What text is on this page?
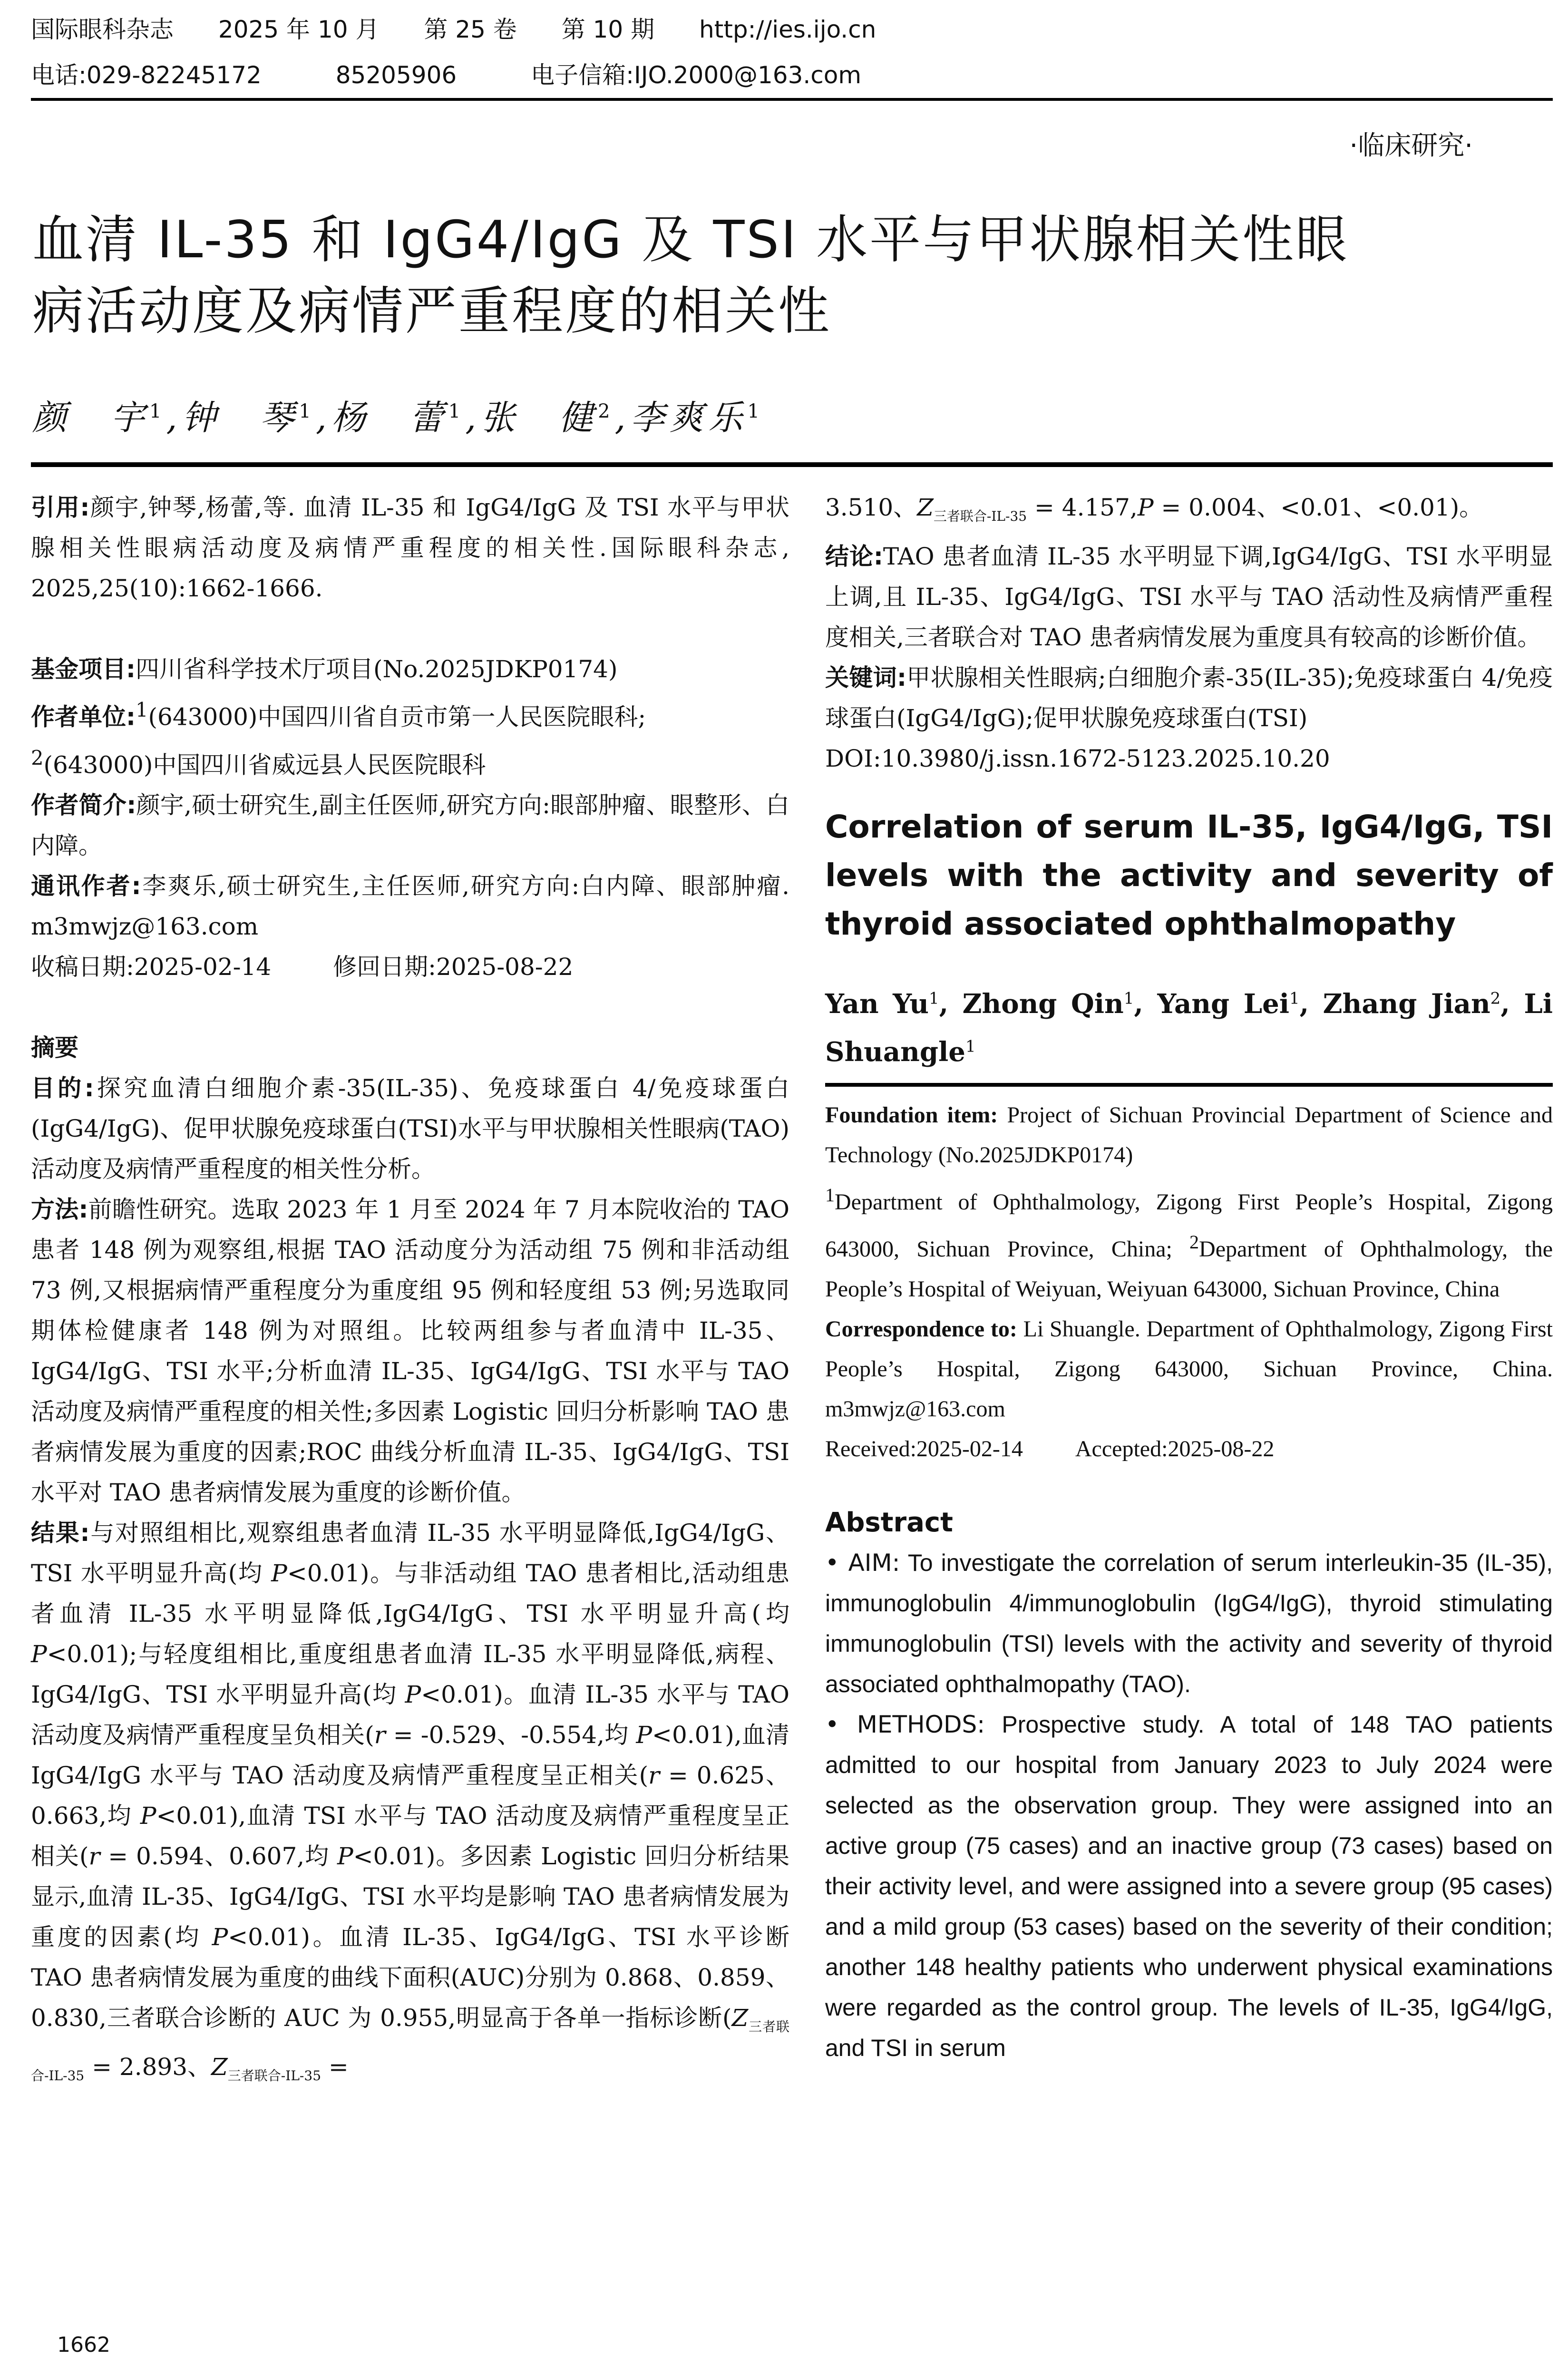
国际眼科杂志 2025 年 10 月 第 25 卷 第 10 期 http://ies.ijo.cn
电话:029-82245172	85205906	电子信箱:IJO.2000@163.com
·临床研究·
血清 IL-35 和 IgG4/IgG 及 TSI 水平与甲状腺相关性眼
病活动度及病情严重程度的相关性
颜　宇$^1$,钟　琴$^1$,杨　蕾$^1$,张　健$^2$,李爽乐$^1$

引用:颜宇,钟琴,杨蕾,等. 血清 IL-35 和 IgG4/IgG 及 TSI 水平与甲状腺相关性眼病活动度及病情严重程度的相关性.国际眼科杂志, 2025,25(10):1662-1666.

基金项目:四川省科学技术厅项目(No.2025JDKP0174)

作者单位:$^1$(643000)中国四川省自贡市第一人民医院眼科;
$^2$(643000)中国四川省威远县人民医院眼科

作者简介:颜宇,硕士研究生,副主任医师,研究方向:眼部肿瘤、眼整形、白内障。

通讯作者:李爽乐,硕士研究生,主任医师,研究方向:白内障、眼部肿瘤. m3mwjz@163.com

收稿日期:2025-02-14	修回日期:2025-08-22

摘要

目的:探究血清白细胞介素-35(IL-35)、免疫球蛋白 4/免疫球蛋白(IgG4/IgG)、促甲状腺免疫球蛋白(TSI)水平与甲状腺相关性眼病(TAO)活动度及病情严重程度的相关性分析。

方法:前瞻性研究。选取 2023 年 1 月至 2024 年 7 月本院收治的 TAO 患者 148 例为观察组,根据 TAO 活动度分为活动组 75 例和非活动组 73 例,又根据病情严重程度分为重度组 95 例和轻度组 53 例;另选取同期体检健康者 148 例为对照组。比较两组参与者血清中 IL-35、IgG4/IgG、TSI 水平;分析血清 IL-35、IgG4/IgG、TSI 水平与 TAO 活动度及病情严重程度的相关性;多因素 Logistic 回归分析影响 TAO 患者病情发展为重度的因素;ROC 曲线分析血清 IL-35、IgG4/IgG、TSI 水平对 TAO 患者病情发展为重度的诊断价值。

结果:与对照组相比,观察组患者血清 IL-35 水平明显降低,IgG4/IgG、TSI 水平明显升高(均 P<0.01)。与非活动组 TAO 患者相比,活动组患者血清 IL-35 水平明显降低,IgG4/IgG、TSI 水平明显升高(均 P<0.01);与轻度组相比,重度组患者血清 IL-35 水平明显降低,病程、IgG4/IgG、TSI 水平明显升高(均 P<0.01)。血清 IL-35 水平与 TAO 活动度及病情严重程度呈负相关(r = -0.529、-0.554,均 P<0.01),血清 IgG4/IgG 水平与 TAO 活动度及病情严重程度呈正相关(r = 0.625、0.663,均 P<0.01),血清 TSI 水平与 TAO 活动度及病情严重程度呈正相关(r = 0.594、0.607,均 P<0.01)。多因素 Logistic 回归分析结果显示,血清 IL-35、IgG4/IgG、TSI 水平均是影响 TAO 患者病情发展为重度的因素(均 P<0.01)。血清 IL-35、IgG4/IgG、TSI 水平诊断 TAO 患者病情发展为重度的曲线下面积(AUC)分别为 0.868、0.859、0.830,三者联合诊断的 AUC 为 0.955,明显高于各单一指标诊断($Z_{三者联合-IL-35} = 2.893$、$Z_{三者联合-IL-35}$ =

3.510、$Z_{三者联合-IL-35} = 4.157,P = 0.004$、<0.01、<0.01)。

结论:TAO 患者血清 IL-35 水平明显下调,IgG4/IgG、TSI 水平明显上调,且 IL-35、IgG4/IgG、TSI 水平与 TAO 活动性及病情严重程度相关,三者联合对 TAO 患者病情发展为重度具有较高的诊断价值。

关键词:甲状腺相关性眼病;白细胞介素-35(IL-35);免疫球蛋白 4/免疫球蛋白(IgG4/IgG);促甲状腺免疫球蛋白(TSI)

DOI:10.3980/j.issn.1672-5123.2025.10.20

Correlation of serum IL-35, IgG4/IgG, TSI levels with the activity and severity of thyroid associated ophthalmopathy

Yan Yu$^1$, Zhong Qin$^1$, Yang Lei$^1$, Zhang Jian$^2$, Li Shuangle$^1$

Foundation item: Project of Sichuan Provincial Department of Science and Technology (No.2025JDKP0174)
$^1$Department of Ophthalmology, Zigong First People’s Hospital, Zigong 643000, Sichuan Province, China; $^2$Department of Ophthalmology, the People’s Hospital of Weiyuan, Weiyuan 643000, Sichuan Province, China
Correspondence to: Li Shuangle. Department of Ophthalmology, Zigong First People’s Hospital, Zigong 643000, Sichuan Province, China. m3mwjz@163.com
Received:2025-02-14 Accepted:2025-08-22

Abstract

• AIM: To investigate the correlation of serum interleukin-35 (IL-35), immunoglobulin 4/immunoglobulin (IgG4/IgG), thyroid stimulating immunoglobulin (TSI) levels with the activity and severity of thyroid associated ophthalmopathy (TAO).
• METHODS: Prospective study. A total of 148 TAO patients admitted to our hospital from January 2023 to July 2024 were selected as the observation group. They were assigned into an active group (75 cases) and an inactive group (73 cases) based on their activity level, and were assigned into a severe group (95 cases) and a mild group (53 cases) based on the severity of their condition; another 148 healthy patients who underwent physical examinations were regarded as the control group. The levels of IL-35, IgG4/IgG, and TSI in serum
1662
